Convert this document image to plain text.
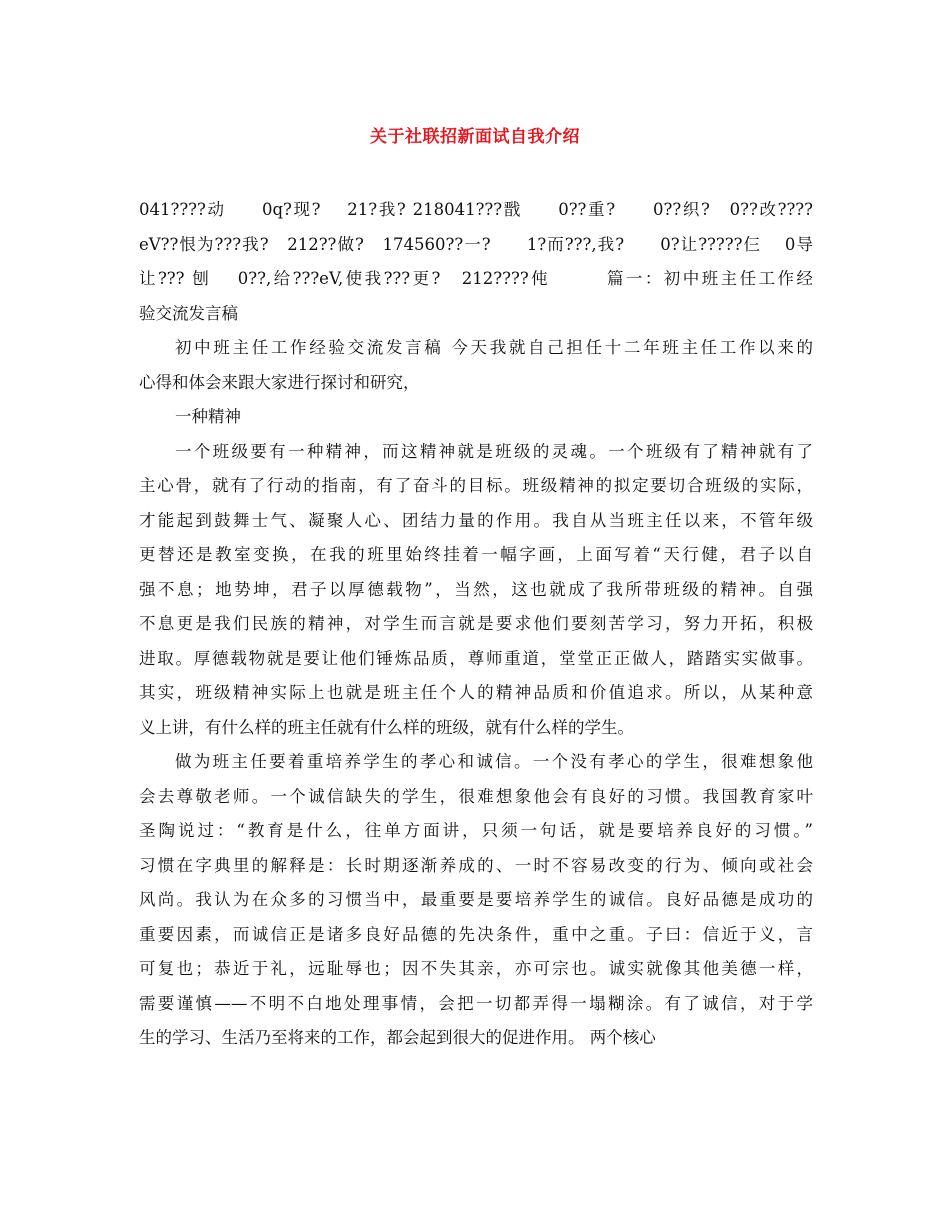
关于社联招新面试自我介绍
041????动　　0q?现?　 21?我? 218041???戬　　0??重?　　0??织?　0??改????
eV??恨为???我?　212??做?　174560??一?　　1?而???,我?　　0?让?????仨　 0导
让??? 刨　 0??,给???eV,使我???更?　212????伅　　　篇一：初中班主任工作经
验交流发言稿
初中班主任工作经验交流发言稿 今天我就自己担任十二年班主任工作以来的
心得和体会来跟大家进行探讨和研究，
一种精神
一个班级要有一种精神，而这精神就是班级的灵魂。一个班级有了精神就有了
主心骨，就有了行动的指南，有了奋斗的目标。班级精神的拟定要切合班级的实际，
才能起到鼓舞士气、凝聚人心、团结力量的作用。我自从当班主任以来，不管年级
更替还是教室变换，在我的班里始终挂着一幅字画，上面写着“天行健，君子以自
强不息；地势坤，君子以厚德载物”，当然，这也就成了我所带班级的精神。自强
不息更是我们民族的精神，对学生而言就是要求他们要刻苦学习，努力开拓，积极
进取。厚德载物就是要让他们锤炼品质，尊师重道，堂堂正正做人，踏踏实实做事。
其实，班级精神实际上也就是班主任个人的精神品质和价值追求。所以，从某种意
义上讲，有什么样的班主任就有什么样的班级，就有什么样的学生。
做为班主任要着重培养学生的孝心和诚信。一个没有孝心的学生，很难想象他
会去尊敬老师。一个诚信缺失的学生，很难想象他会有良好的习惯。我国教育家叶
圣陶说过：“教育是什么，往单方面讲，只须一句话，就是要培养良好的习惯。”
习惯在字典里的解释是：长时期逐渐养成的、一时不容易改变的行为、倾向或社会
风尚。我认为在众多的习惯当中，最重要是要培养学生的诚信。良好品德是成功的
重要因素，而诚信正是诸多良好品德的先决条件，重中之重。子曰：信近于义，言
可复也；恭近于礼，远耻辱也；因不失其亲，亦可宗也。诚实就像其他美德一样，
需要谨慎——不明不白地处理事情，会把一切都弄得一塌糊涂。有了诚信，对于学
生的学习、生活乃至将来的工作，都会起到很大的促进作用。 两个核心
